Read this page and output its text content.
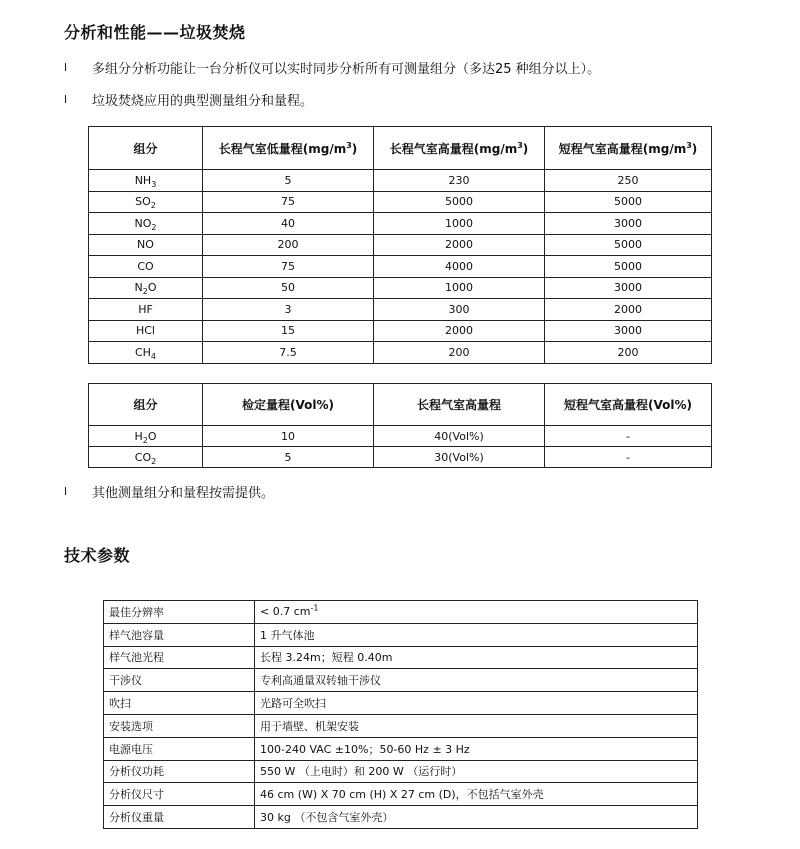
分析和性能——垃圾焚烧
l	多组分分析功能让一台分析仪可以实时同步分析所有可测量组分（多达25 种组分以上）。
l	垃圾焚烧应用的典型测量组分和量程。
组分	长程气室低量程$(mg/m^3)$	长程气室高量程$(mg/m^3)$	短程气室高量程$(mg/m^3)$
$NH_3$	5	230	250
$SO_2$	75	5000	5000
$NO_2$	40	1000	3000
NO	200	2000	5000
CO	75	4000	5000
$N_2O$	50	1000	3000
HF	3	300	2000
HCl	15	2000	3000
$CH_4$	7.5	200	200
组分	检定量程(Vol%)	长程气室高量程	短程气室高量程(Vol%)
$H_2O$	10	40(Vol%)	-
$CO_2$	5	30(Vol%)	-
l	其他测量组分和量程按需提供。
技术参数
最佳分辨率	< 0.7 $cm^{-1}$
样气池容量	1 升气体池
样气池光程	长程 3.24m；短程 0.40m
干涉仪	专利高通量双转轴干涉仪
吹扫	光路可全吹扫
安装选项	用于墙壁、机架安装
电源电压	100-240 VAC ±10%；50-60 Hz ± 3 Hz
分析仪功耗	550 W （上电时）和 200 W （运行时）
分析仪尺寸	46 cm (W) X 70 cm (H) X 27 cm (D)，不包括气室外壳
分析仪重量	30 kg （不包含气室外壳）
